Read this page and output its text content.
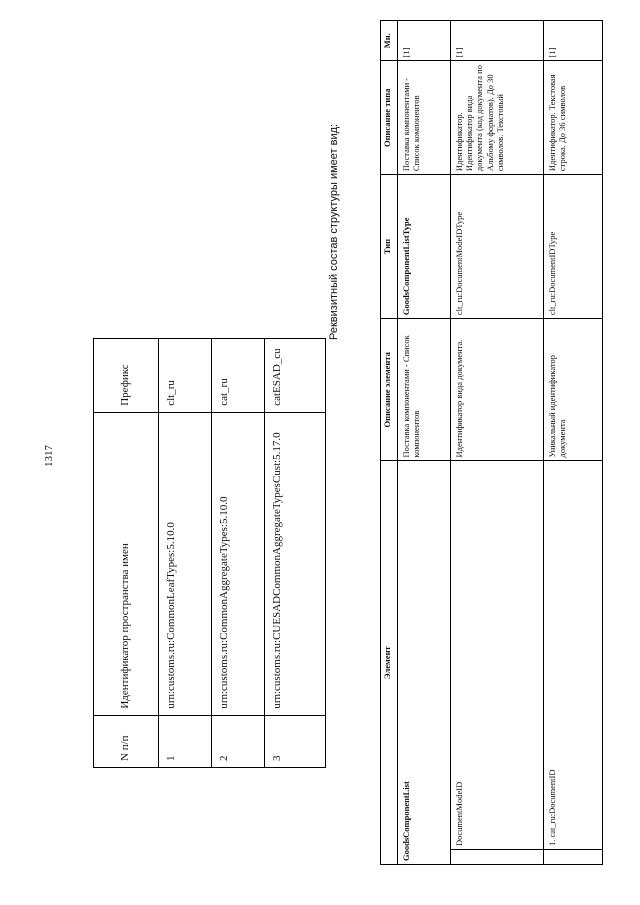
1317
N п/п	Идентификатор пространства имен	Префикс
1	urn:customs.ru:CommonLeafTypes:5.10.0	clt_ru
2	urn:customs.ru:CommonAggregateTypes:5.10.0	cat_ru
3	urn:customs.ru:CUESADCommonAggregateTypesCust:5.17.0	catESAD_cu
Реквизитный состав структуры имеет вид:
Элемент	Описание элемента	Тип	Описание типа	Мн.
GoodsComponentList	Поставка компонентами - Список компонентов	GoodsComponentListType	Поставка компонентами - Список компонентов	[1]

DocumentModeID	Идентификатор вида документа.	clt_ru:DocumentModeIDType	Идентификатор. Идентификатор вида документа (код документа по Альбому форматов). До 30 символов. Текстовый	[1]

1. cat_ru:DocumentID	Уникальный идентификатор документа	clt_ru:DocumentIDType	Идентификатор. Текстовая строка. До 36 символов	[1]
